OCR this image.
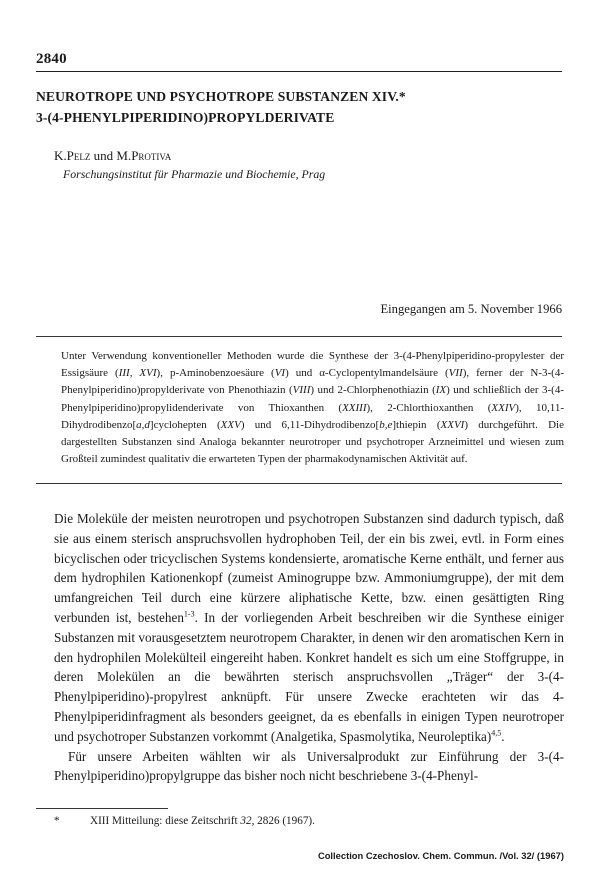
2840
NEUROTROPE UND PSYCHOTROPE SUBSTANZEN XIV.*
3-(4-PHENYLPIPERIDINO)PROPYLDERIVATE
K.Pelz und M.Protiva
Forschungsinstitut für Pharmazie und Biochemie, Prag
Eingegangen am 5. November 1966
Unter Verwendung konventioneller Methoden wurde die Synthese der 3-(4-Phenylpiperidino-propylester der Essigsäure (III, XVI), p-Aminobenzoesäure (VI) und α-Cyclopentylmandelsäure (VII), ferner der N-3-(4-Phenylpiperidino)propylderivate von Phenothiazin (VIII) und 2-Chlorphenothiazin (IX) und schließlich der 3-(4-Phenylpiperidino)propylidenderivate von Thioxanthen (XXIII), 2-Chlorthioxanthen (XXIV), 10,11-Dihydrodibenzo[a,d]cyclohepten (XXV) und 6,11-Dihydrodibenzo[b,e]thiepin (XXVI) durchgeführt. Die dargestellten Substanzen sind Analoga bekannter neurotroper und psychotroper Arzneimittel und wiesen zum Großteil zumindest qualitativ die erwarteten Typen der pharmakodynamischen Aktivität auf.

Die Moleküle der meisten neurotropen und psychotropen Substanzen sind dadurch typisch, daß sie aus einem sterisch anspruchsvollen hydrophoben Teil, der ein bis zwei, evtl. in Form eines bicyclischen oder tricyclischen Systems kondensierte, aromatische Kerne enthält, und ferner aus dem hydrophilen Kationenkopf (zumeist Aminogruppe bzw. Ammoniumgruppe), der mit dem umfangreichen Teil durch eine kürzere aliphatische Kette, bzw. einen gesättigten Ring verbunden ist, bestehen$^{1-3}$. In der vorliegenden Arbeit beschreiben wir die Synthese einiger Substanzen mit vorausgesetztem neurotropem Charakter, in denen wir den aromatischen Kern in den hydrophilen Molekülteil eingereiht haben. Konkret handelt es sich um eine Stoffgruppe, in deren Molekülen an die bewährten sterisch anspruchsvollen „Träger“ der 3-(4-Phenylpiperidino)-propylrest anknüpft. Für unsere Zwecke erachteten wir das 4-Phenylpiperidinfragment als besonders geeignet, da es ebenfalls in einigen Typen neurotroper und psychotroper Substanzen vorkommt (Analgetika, Spasmolytika, Neuroleptika)$^{4,5}$.

Für unsere Arbeiten wählten wir als Universalprodukt zur Einführung der 3-(4-Phenylpiperidino)propylgruppe das bisher noch nicht beschriebene 3-(4-Phenyl-

*	XIII Mitteilung: diese Zeitschrift 32, 2826 (1967).
Collection Czechoslov. Chem. Commun. /Vol. 32/ (1967)
